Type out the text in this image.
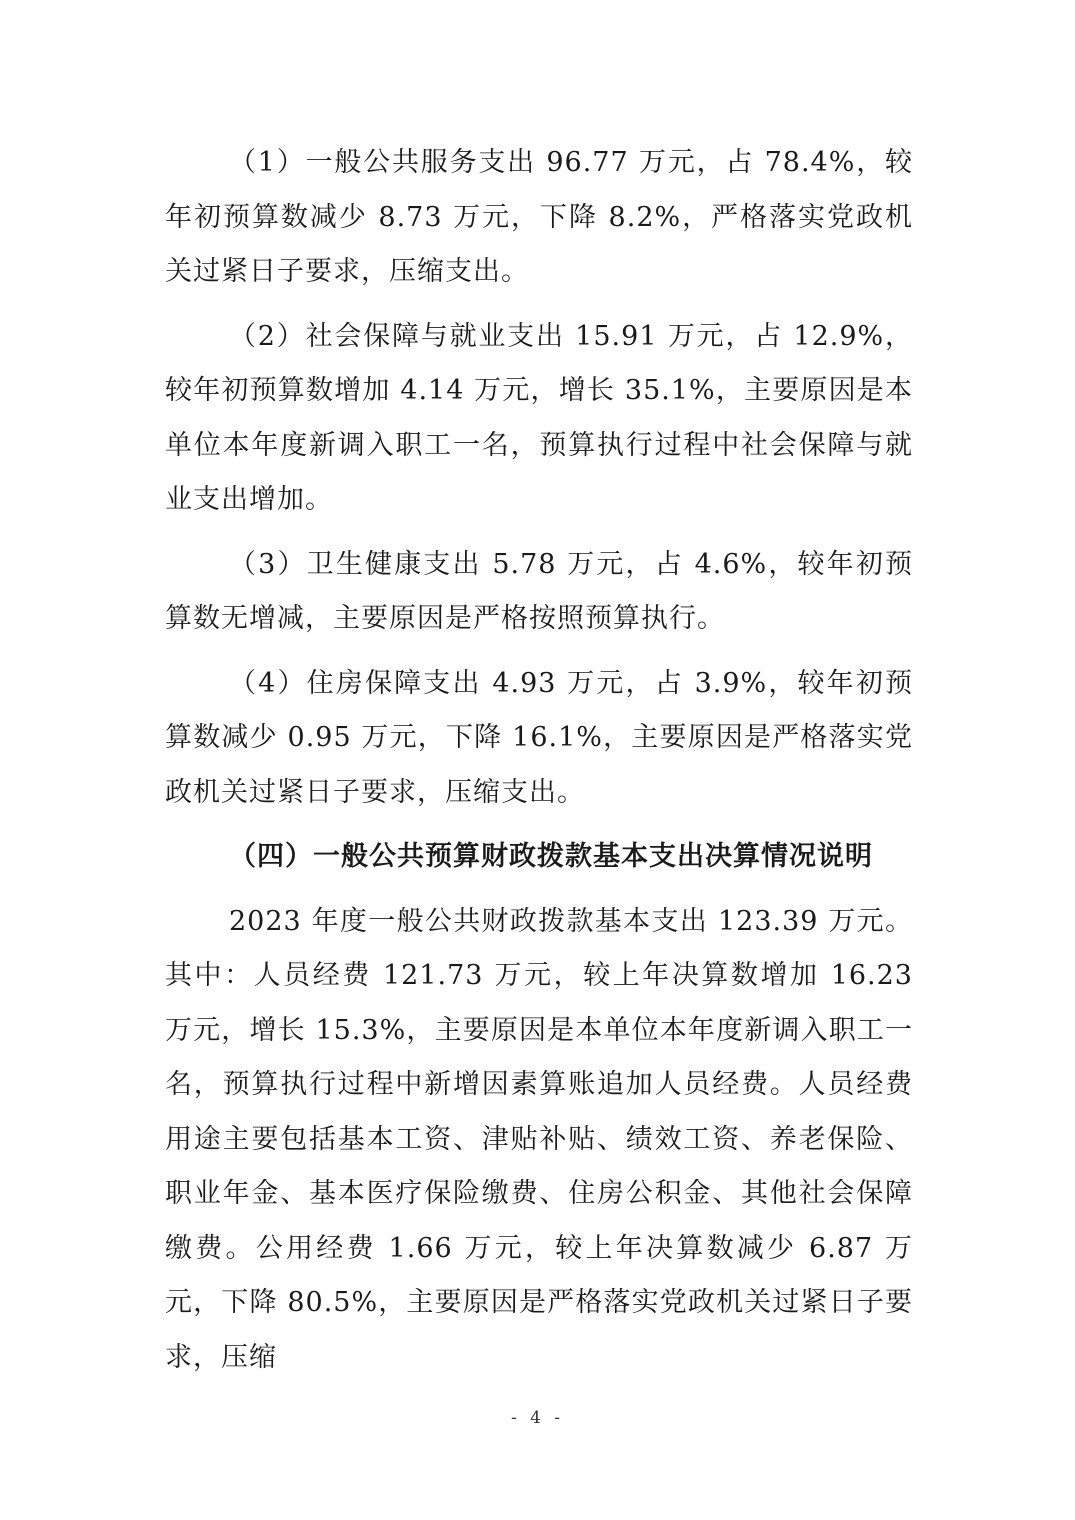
（1）一般公共服务支出 96.77 万元，占 78.4%，较年初预算数减少 8.73 万元，下降 8.2%，严格落实党政机关过紧日子要求，压缩支出。

（2）社会保障与就业支出 15.91 万元，占 12.9%，较年初预算数增加 4.14 万元，增长 35.1%，主要原因是本单位本年度新调入职工一名，预算执行过程中社会保障与就业支出增加。

（3）卫生健康支出 5.78 万元，占 4.6%，较年初预算数无增减，主要原因是严格按照预算执行。

（4）住房保障支出 4.93 万元，占 3.9%，较年初预算数减少 0.95 万元，下降 16.1%，主要原因是严格落实党政机关过紧日子要求，压缩支出。

（四）一般公共预算财政拨款基本支出决算情况说明

2023 年度一般公共财政拨款基本支出 123.39 万元。其中：人员经费 121.73 万元，较上年决算数增加 16.23 万元，增长 15.3%，主要原因是本单位本年度新调入职工一名，预算执行过程中新增因素算账追加人员经费。人员经费用途主要包括基本工资、津贴补贴、绩效工资、养老保险、职业年金、基本医疗保险缴费、住房公积金、其他社会保障缴费。公用经费 1.66 万元，较上年决算数减少 6.87 万元，下降 80.5%，主要原因是严格落实党政机关过紧日子要求，压缩

- 4 -
